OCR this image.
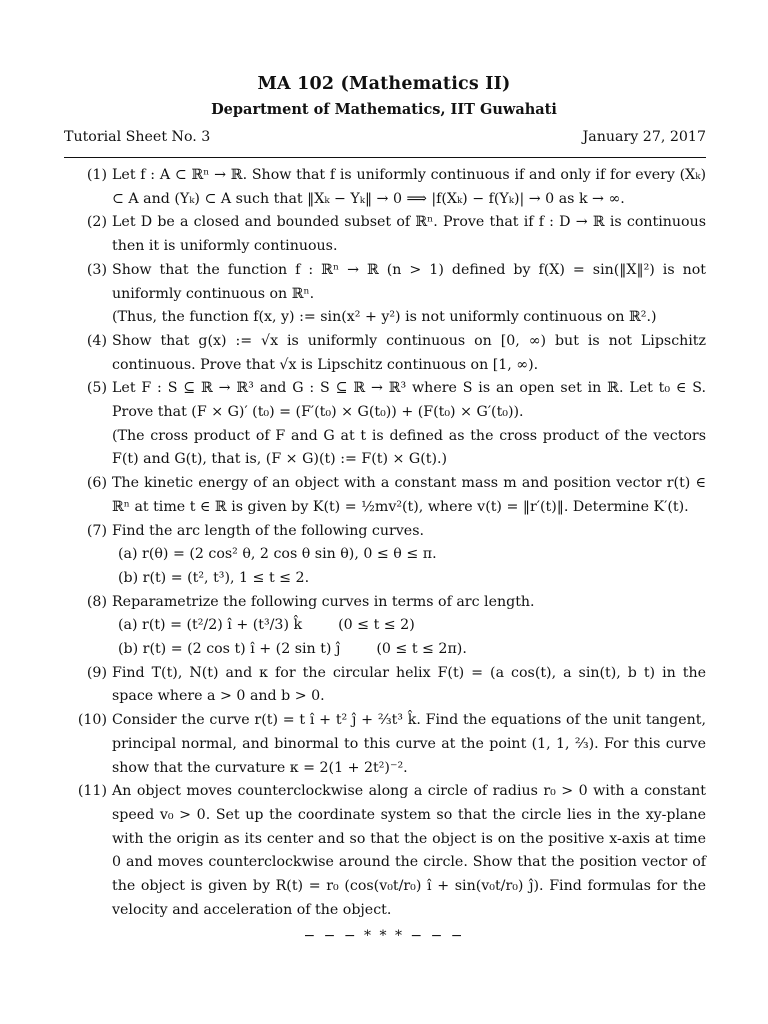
MA 102 (Mathematics II)
Department of Mathematics, IIT Guwahati
Tutorial Sheet No. 3	January 27, 2017
(1) Let f : A ⊂ ℝⁿ → ℝ. Show that f is uniformly continuous if and only if for every (Xₖ) ⊂ A and (Yₖ) ⊂ A such that ‖Xₖ − Yₖ‖ → 0 ⟹ |f(Xₖ) − f(Yₖ)| → 0 as k → ∞.
(2) Let D be a closed and bounded subset of ℝⁿ. Prove that if f : D → ℝ is continuous then it is uniformly continuous.
(3) Show that the function f : ℝⁿ → ℝ (n > 1) defined by f(X) = sin(‖X‖²) is not uniformly continuous on ℝⁿ.
(Thus, the function f(x, y) := sin(x² + y²) is not uniformly continuous on ℝ².)
(4) Show that g(x) := √x is uniformly continuous on [0, ∞) but is not Lipschitz continuous. Prove that √x is Lipschitz continuous on [1, ∞).
(5) Let F : S ⊆ ℝ → ℝ³ and G : S ⊆ ℝ → ℝ³ where S is an open set in ℝ. Let t₀ ∈ S. Prove that (F × G)′ (t₀) = (F′(t₀) × G(t₀)) + (F(t₀) × G′(t₀)).
(The cross product of F and G at t is defined as the cross product of the vectors F(t) and G(t), that is, (F × G)(t) := F(t) × G(t).)
(6) The kinetic energy of an object with a constant mass m and position vector r(t) ∈ ℝⁿ at time t ∈ ℝ is given by K(t) = ½mv²(t), where v(t) = ‖r′(t)‖. Determine K′(t).
(7) Find the arc length of the following curves.
(a) r(θ) = (2 cos² θ, 2 cos θ sin θ), 0 ≤ θ ≤ π.
(b) r(t) = (t², t³), 1 ≤ t ≤ 2.
(8) Reparametrize the following curves in terms of arc length.
(a) r(t) = (t²/2) î + (t³/3) k̂	(0 ≤ t ≤ 2)
(b) r(t) = (2 cos t) î + (2 sin t) ĵ	(0 ≤ t ≤ 2π).
(9) Find T(t), N(t) and κ for the circular helix F(t) = (a cos(t), a sin(t), b t) in the space where a > 0 and b > 0.
(10) Consider the curve r(t) = t î + t² ĵ + ⅔t³ k̂. Find the equations of the unit tangent, principal normal, and binormal to this curve at the point (1, 1, ⅔). For this curve show that the curvature κ = 2(1 + 2t²)⁻².
(11) An object moves counterclockwise along a circle of radius r₀ > 0 with a constant speed v₀ > 0. Set up the coordinate system so that the circle lies in the xy-plane with the origin as its center and so that the object is on the positive x-axis at time 0 and moves counterclockwise around the circle. Show that the position vector of the object is given by R(t) = r₀ (cos(v₀t/r₀) î + sin(v₀t/r₀) ĵ). Find formulas for the velocity and acceleration of the object.
− − − * * * − − −
